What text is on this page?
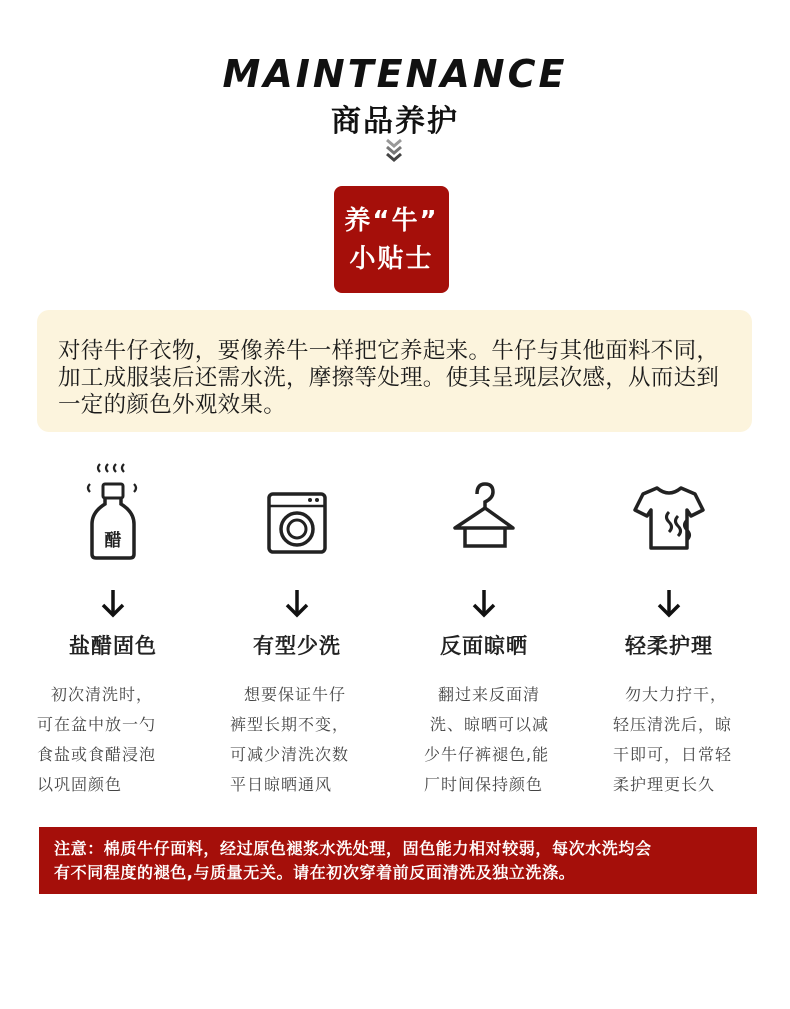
MAINTENANCE
商品养护
养“牛”
小贴士

对待牛仔衣物，要像养牛一样把它养起来。牛仔与其他面料不同，加工成服装后还需水洗，摩擦等处理。使其呈现层次感，从而达到一定的颜色外观效果。

醋
盐醋固色
初次清洗时，
可在盆中放一勺
食盐或食醋浸泡
以巩固颜色
有型少洗
想要保证牛仔
裤型长期不变，
可减少清洗次数
平日晾晒通风
反面晾晒
翻过来反面清
洗、晾晒可以减
少牛仔裤褪色,能
厂时间保持颜色
轻柔护理
勿大力拧干，
轻压清洗后，晾
干即可，日常轻
柔护理更长久
注意：棉质牛仔面料，经过原色褪浆水洗处理，固色能力相对较弱，每次水洗均会
有不同程度的褪色,与质量无关。请在初次穿着前反面清洗及独立洗涤。
